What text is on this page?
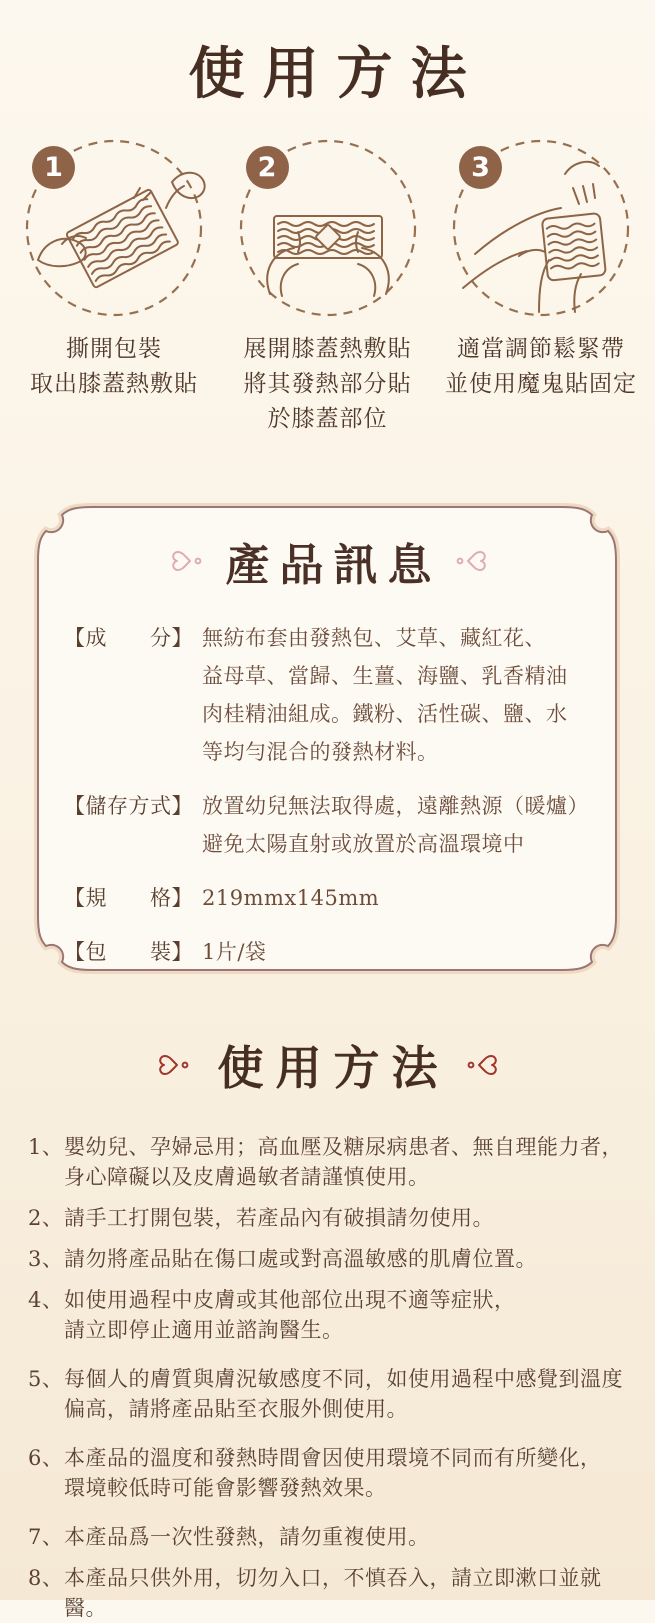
使用方法
1
撕開包裝
取出膝蓋熱敷貼
2
展開膝蓋熱敷貼
將其發熱部分貼
於膝蓋部位
3
適當調節鬆緊帶
並使用魔鬼貼固定
產品訊息
【成　　分】 無紡布套由發熱包、艾草、藏紅花、
益母草、當歸、生薑、海鹽、乳香精油
肉桂精油組成。鐵粉、活性碳、鹽、水
等均勻混合的發熱材料。
【儲存方式】 放置幼兒無法取得處，遠離熱源（暖爐）
避免太陽直射或放置於高溫環境中
【規　　格】 219mmx145mm
【包　　裝】 1片/袋
使用方法
1、 嬰幼兒、孕婦忌用；高血壓及糖尿病患者、無自理能力者，
身心障礙以及皮膚過敏者請謹慎使用。
2、 請手工打開包裝，若產品內有破損請勿使用。
3、 請勿將產品貼在傷口處或對高溫敏感的肌膚位置。
4、 如使用過程中皮膚或其他部位出現不適等症狀，
請立即停止適用並諮詢醫生。
5、 每個人的膚質與膚況敏感度不同，如使用過程中感覺到溫度
偏高，請將產品貼至衣服外側使用。
6、 本產品的溫度和發熱時間會因使用環境不同而有所變化，
環境較低時可能會影響發熱效果。
7、 本產品爲一次性發熱，請勿重複使用。
8、 本產品只供外用，切勿入口，不慎吞入，請立即漱口並就醫。
